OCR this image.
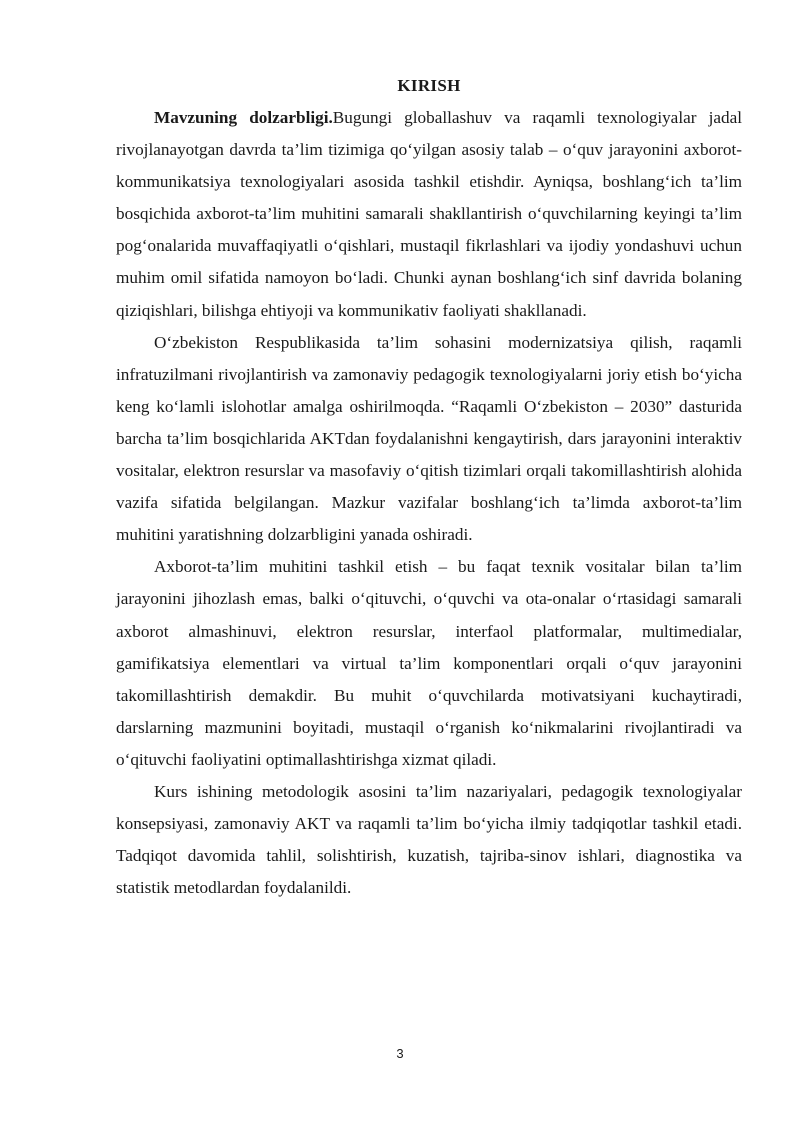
KIRISH

Mavzuning dolzarbligi.Bugungi globallashuv va raqamli texnologiyalar jadal rivojlanayotgan davrda ta’lim tizimiga qo‘yilgan asosiy talab – o‘quv jarayonini axborot-kommunikatsiya texnologiyalari asosida tashkil etishdir. Ayniqsa, boshlang‘ich ta’lim bosqichida axborot-ta’lim muhitini samarali shakllantirish o‘quvchilarning keyingi ta’lim pog‘onalarida muvaffaqiyatli o‘qishlari, mustaqil fikrlashlari va ijodiy yondashuvi uchun muhim omil sifatida namoyon bo‘ladi. Chunki aynan boshlang‘ich sinf davrida bolaning qiziqishlari, bilishga ehtiyoji va kommunikativ faoliyati shakllanadi.

O‘zbekiston Respublikasida ta’lim sohasini modernizatsiya qilish, raqamli infratuzilmani rivojlantirish va zamonaviy pedagogik texnologiyalarni joriy etish bo‘yicha keng ko‘lamli islohotlar amalga oshirilmoqda. “Raqamli O‘zbekiston – 2030” dasturida barcha ta’lim bosqichlarida AKTdan foydalanishni kengaytirish, dars jarayonini interaktiv vositalar, elektron resurslar va masofaviy o‘qitish tizimlari orqali takomillashtirish alohida vazifa sifatida belgilangan. Mazkur vazifalar boshlang‘ich ta’limda axborot-ta’lim muhitini yaratishning dolzarbligini yanada oshiradi.

Axborot-ta’lim muhitini tashkil etish – bu faqat texnik vositalar bilan ta’lim jarayonini jihozlash emas, balki o‘qituvchi, o‘quvchi va ota-onalar o‘rtasidagi samarali axborot almashinuvi, elektron resurslar, interfaol platformalar, multimedialar, gamifikatsiya elementlari va virtual ta’lim komponentlari orqali o‘quv jarayonini takomillashtirish demakdir. Bu muhit o‘quvchilarda motivatsiyani kuchaytiradi, darslarning mazmunini boyitadi, mustaqil o‘rganish ko‘nikmalarini rivojlantiradi va o‘qituvchi faoliyatini optimallashtirishga xizmat qiladi.

Kurs ishining metodologik asosini ta’lim nazariyalari, pedagogik texnologiyalar konsepsiyasi, zamonaviy AKT va raqamli ta’lim bo‘yicha ilmiy tadqiqotlar tashkil etadi. Tadqiqot davomida tahlil, solishtirish, kuzatish, tajriba-sinov ishlari, diagnostika va statistik metodlardan foydalanildi.

3
